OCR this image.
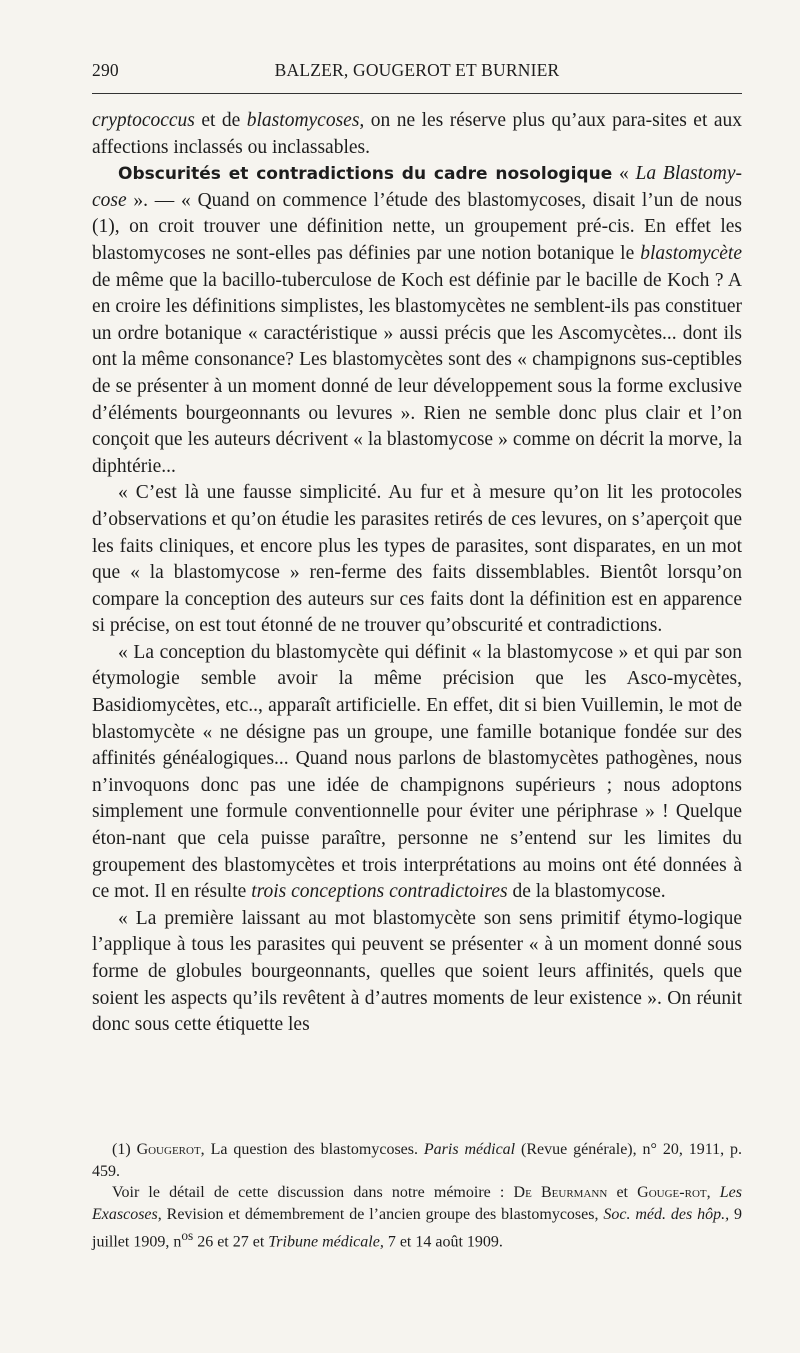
290	BALZER, GOUGEROT ET BURNIER

cryptococcus et de blastomycoses, on ne les réserve plus qu’aux para-sites et aux affections inclassés ou inclassables.

Obscurités et contradictions du cadre nosologique « La Blastomy-cose ». — « Quand on commence l’étude des blastomycoses, disait l’un de nous (1), on croit trouver une définition nette, un groupement pré-cis. En effet les blastomycoses ne sont-elles pas définies par une notion botanique le blastomycète de même que la bacillo-tuberculose de Koch est définie par le bacille de Koch ? A en croire les définitions simplistes, les blastomycètes ne semblent-ils pas constituer un ordre botanique « caractéristique » aussi précis que les Ascomycètes... dont ils ont la même consonance? Les blastomycètes sont des « champignons sus-ceptibles de se présenter à un moment donné de leur développement sous la forme exclusive d’éléments bourgeonnants ou levures ». Rien ne semble donc plus clair et l’on conçoit que les auteurs décrivent « la blastomycose » comme on décrit la morve, la diphtérie...

« C’est là une fausse simplicité. Au fur et à mesure qu’on lit les protocoles d’observations et qu’on étudie les parasites retirés de ces levures, on s’aperçoit que les faits cliniques, et encore plus les types de parasites, sont disparates, en un mot que « la blastomycose » ren-ferme des faits dissemblables. Bientôt lorsqu’on compare la conception des auteurs sur ces faits dont la définition est en apparence si précise, on est tout étonné de ne trouver qu’obscurité et contradictions.

« La conception du blastomycète qui définit « la blastomycose » et qui par son étymologie semble avoir la même précision que les Asco-mycètes, Basidiomycètes, etc.., apparaît artificielle. En effet, dit si bien Vuillemin, le mot de blastomycète « ne désigne pas un groupe, une famille botanique fondée sur des affinités généalogiques... Quand nous parlons de blastomycètes pathogènes, nous n’invoquons donc pas une idée de champignons supérieurs ; nous adoptons simplement une formule conventionnelle pour éviter une périphrase » ! Quelque éton-nant que cela puisse paraître, personne ne s’entend sur les limites du groupement des blastomycètes et trois interprétations au moins ont été données à ce mot. Il en résulte trois conceptions contradictoires de la blastomycose.

« La première laissant au mot blastomycète son sens primitif étymo-logique l’applique à tous les parasites qui peuvent se présenter « à un moment donné sous forme de globules bourgeonnants, quelles que soient leurs affinités, quels que soient les aspects qu’ils revêtent à d’autres moments de leur existence ». On réunit donc sous cette étiquette les

(1) Gougerot, La question des blastomycoses. Paris médical (Revue générale), n° 20, 1911, p. 459.

Voir le détail de cette discussion dans notre mémoire : De Beurmann et Gouge-rot, Les Exascoses, Revision et démembrement de l’ancien groupe des blastomycoses, Soc. méd. des hôp., 9 juillet 1909, $n^{os}$ 26 et 27 et Tribune médicale, 7 et 14 août 1909.
